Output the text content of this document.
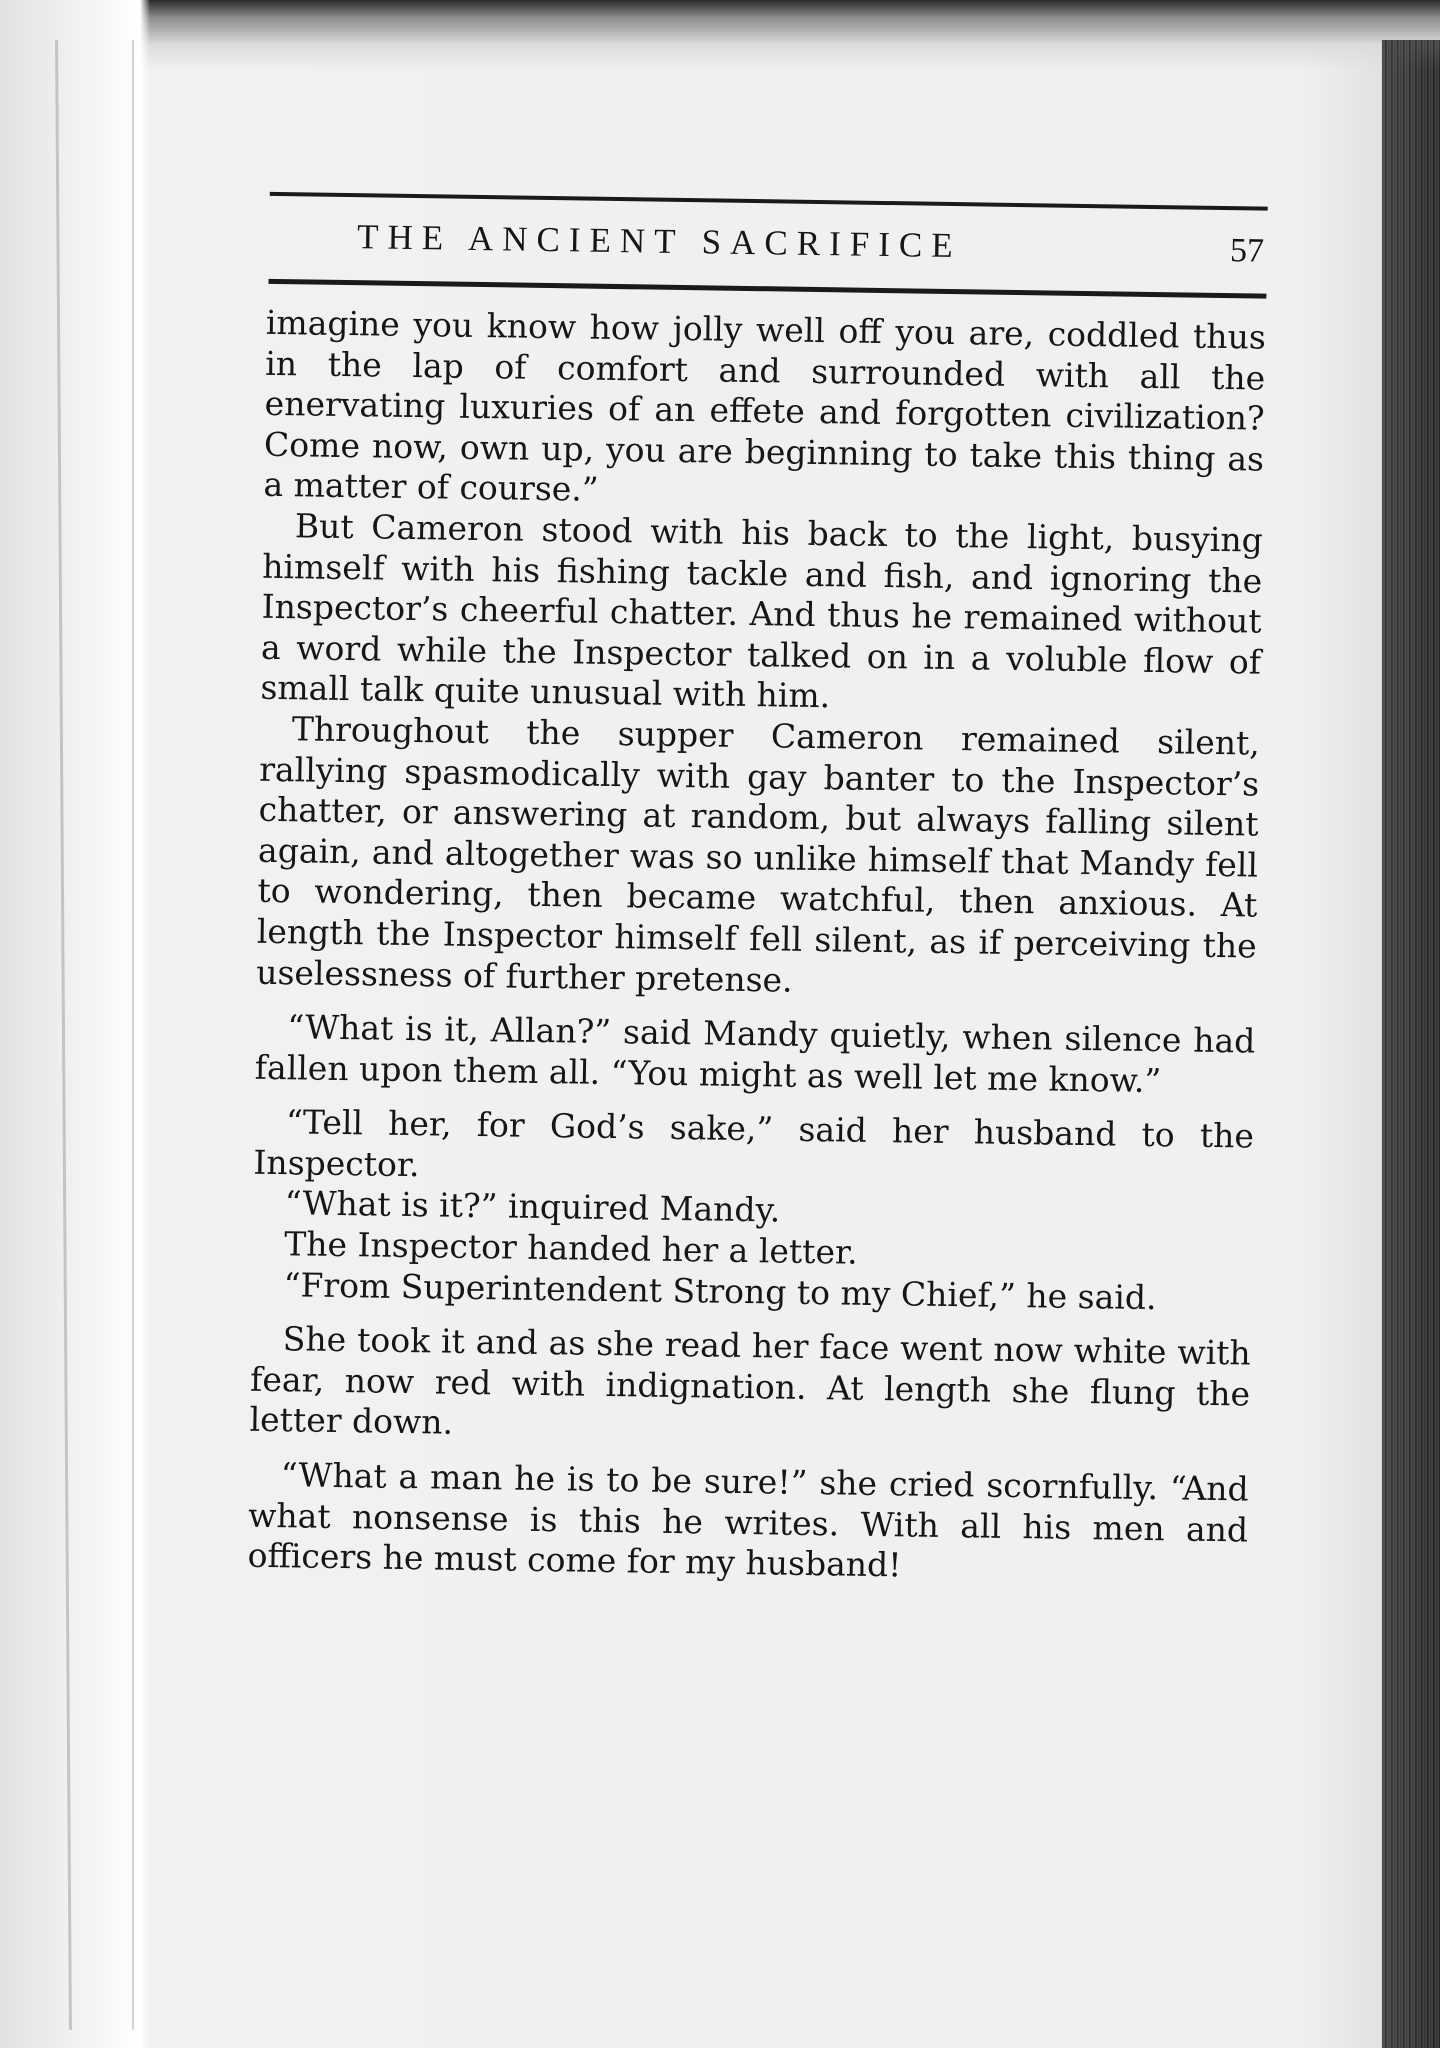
THE ANCIENT SACRIFICE	57

imagine you know how jolly well off you are, coddled thus in the lap of comfort and surrounded with all the enervating luxuries of an effete and forgotten civilization? Come now, own up, you are beginning to take this thing as a matter of course.”

But Cameron stood with his back to the light, busying himself with his fishing tackle and fish, and ignoring the Inspector’s cheerful chatter. And thus he remained without a word while the Inspector talked on in a voluble flow of small talk quite unusual with him.

Throughout the supper Cameron remained silent, rallying spasmodically with gay banter to the Inspector’s chatter, or answering at random, but always falling silent again, and altogether was so unlike himself that Mandy fell to wondering, then became watchful, then anxious. At length the Inspector himself fell silent, as if perceiving the uselessness of further pretense.

“What is it, Allan?” said Mandy quietly, when silence had fallen upon them all. “You might as well let me know.”

“Tell her, for God’s sake,” said her husband to the Inspector.

“What is it?” inquired Mandy.

The Inspector handed her a letter.

“From Superintendent Strong to my Chief,” he said.

She took it and as she read her face went now white with fear, now red with indignation. At length she flung the letter down.

“What a man he is to be sure!” she cried scornfully. “And what nonsense is this he writes. With all his men and officers he must come for my husband!
